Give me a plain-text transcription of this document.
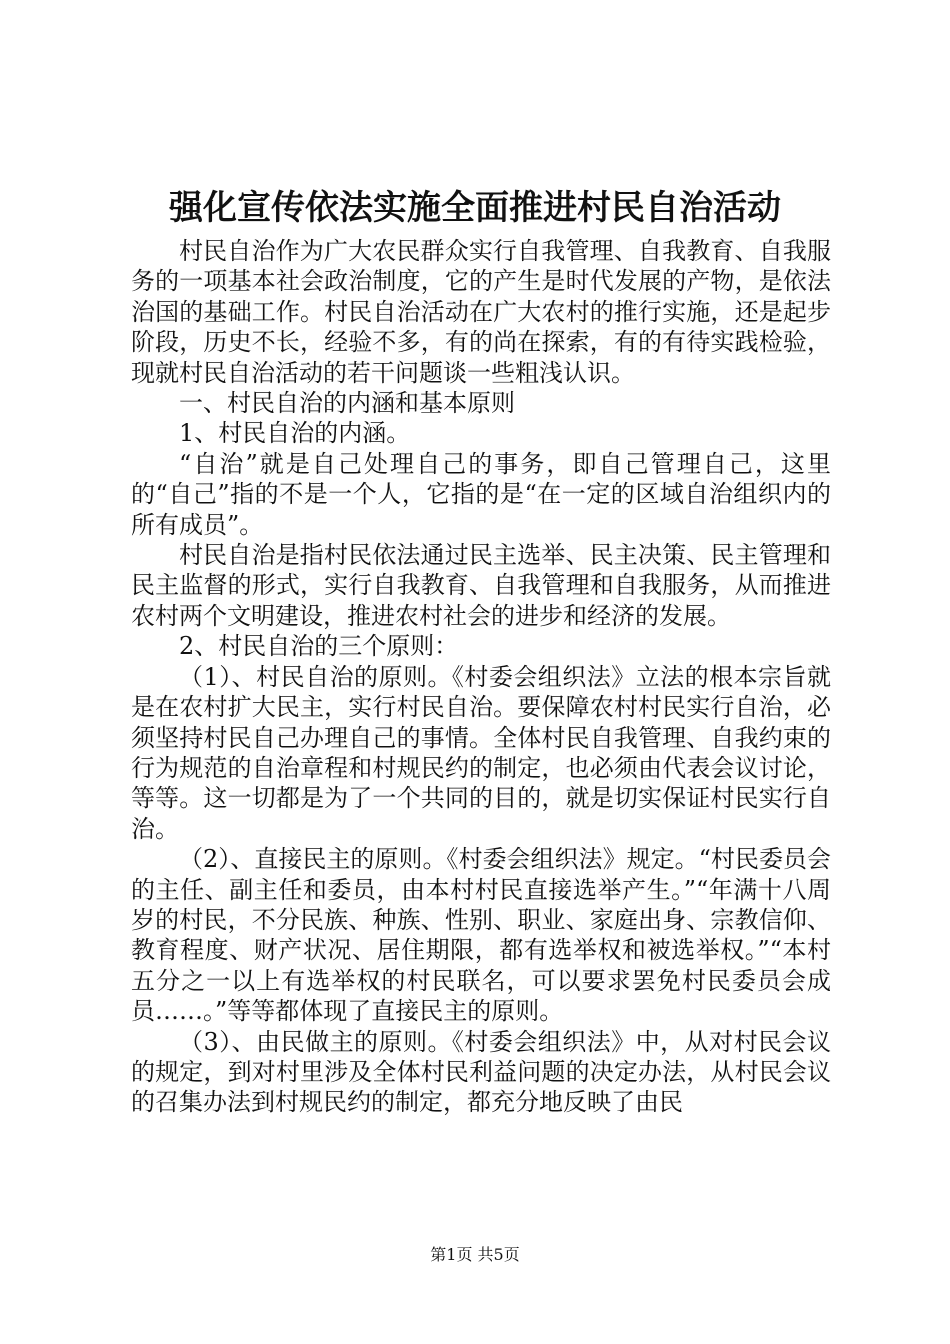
强化宣传依法实施全面推进村民自治活动

村民自治作为广大农民群众实行自我管理、自我教育、自我服务的一项基本社会政治制度，它的产生是时代发展的产物，是依法治国的基础工作。村民自治活动在广大农村的推行实施，还是起步阶段，历史不长，经验不多，有的尚在探索，有的有待实践检验，现就村民自治活动的若干问题谈一些粗浅认识。

一、村民自治的内涵和基本原则

1、村民自治的内涵。

“自治”就是自己处理自己的事务，即自己管理自己，这里的“自己”指的不是一个人，它指的是“在一定的区域自治组织内的所有成员”。

村民自治是指村民依法通过民主选举、民主决策、民主管理和民主监督的形式，实行自我教育、自我管理和自我服务，从而推进农村两个文明建设，推进农村社会的进步和经济的发展。

2、村民自治的三个原则：

（1）、村民自治的原则。《村委会组织法》立法的根本宗旨就是在农村扩大民主，实行村民自治。要保障农村村民实行自治，必须坚持村民自己办理自己的事情。全体村民自我管理、自我约束的行为规范的自治章程和村规民约的制定，也必须由代表会议讨论，等等。这一切都是为了一个共同的目的，就是切实保证村民实行自治。

（2）、直接民主的原则。《村委会组织法》规定。“村民委员会的主任、副主任和委员，由本村村民直接选举产生。”“年满十八周岁的村民，不分民族、种族、性别、职业、家庭出身、宗教信仰、教育程度、财产状况、居住期限，都有选举权和被选举权。”“本村五分之一以上有选举权的村民联名，可以要求罢免村民委员会成员……。”等等都体现了直接民主的原则。

（3）、由民做主的原则。《村委会组织法》中，从对村民会议的规定，到对村里涉及全体村民利益问题的决定办法，从村民会议的召集办法到村规民约的制定，都充分地反映了由民

第1页 共5页
